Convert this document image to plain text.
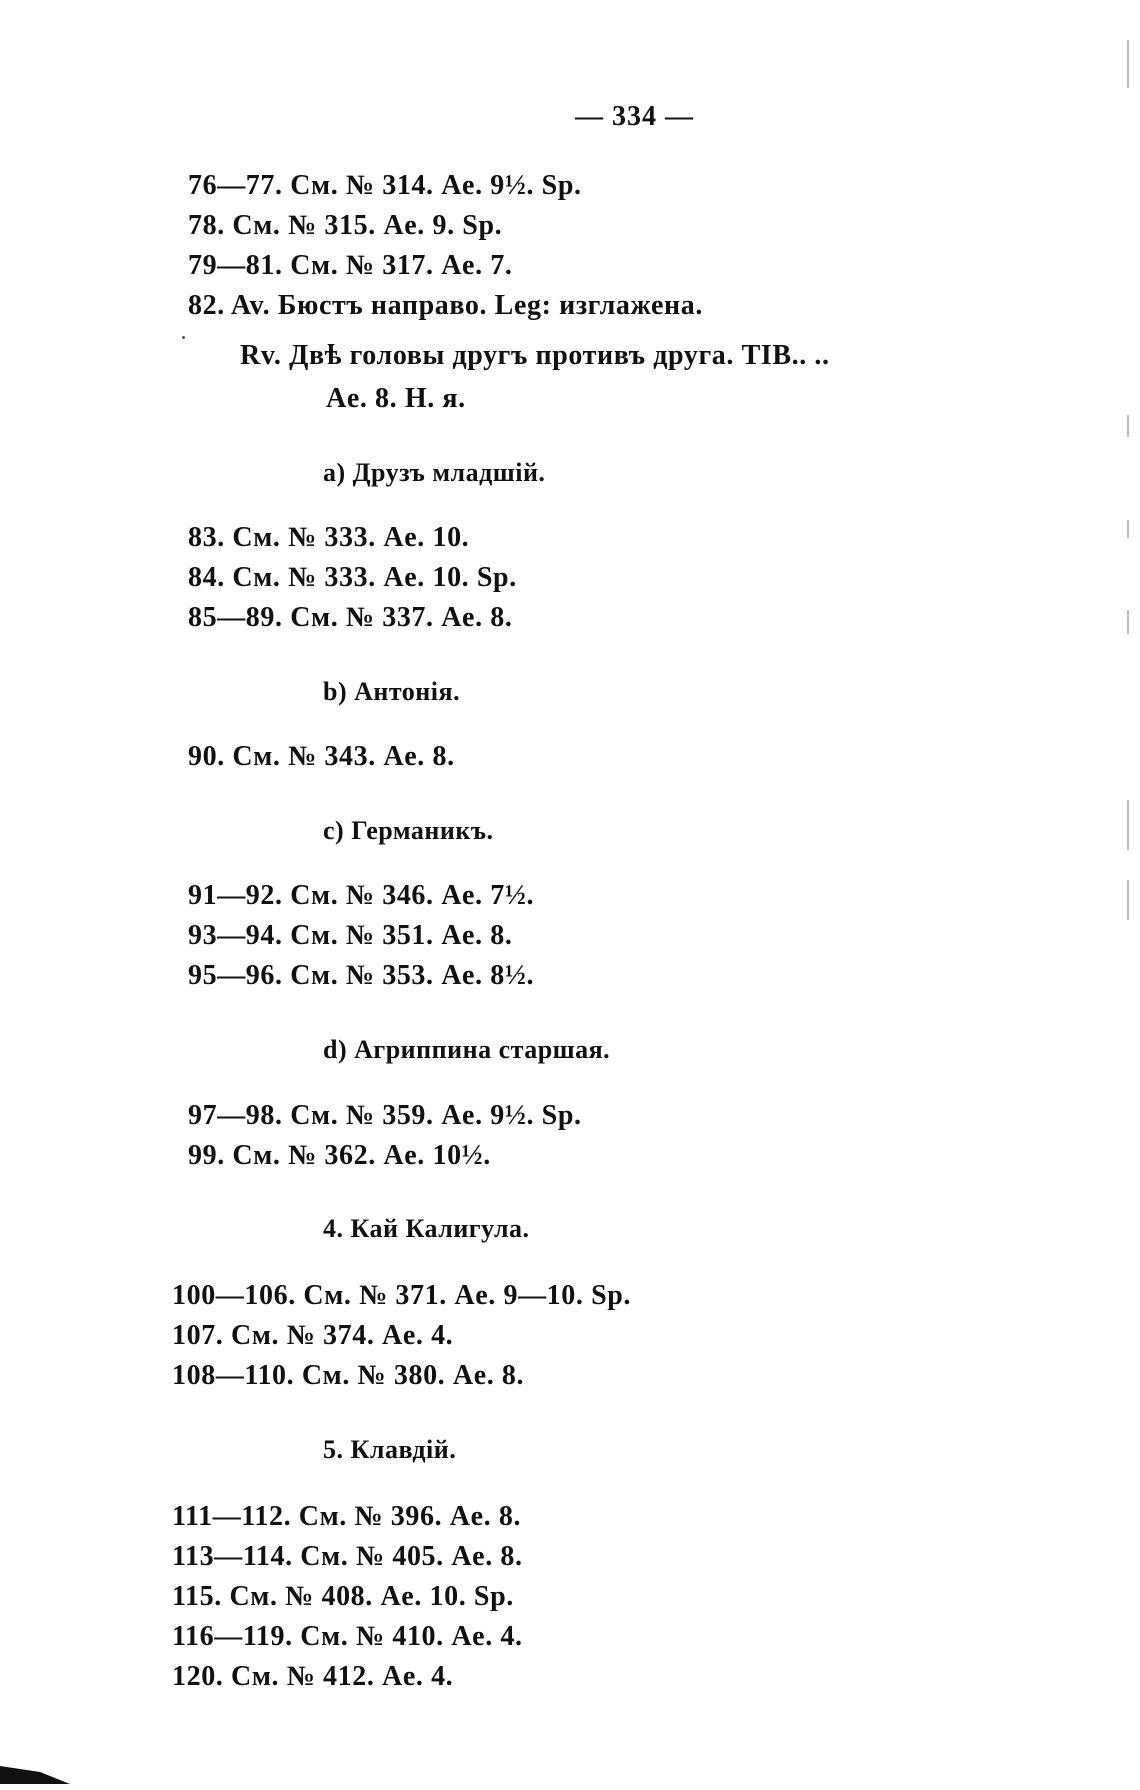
— 334 —
76—77. См. № 314. Ae. 9½. Sp.
78. См. № 315. Ae. 9. Sp.
79—81. См. № 317. Ae. 7.
82. Av. Бюстъ направо. Leg: изглажена.
Rv. Двѣ головы другъ противъ друга. TIB.. ..
Ae. 8. Н. я.
a) Друзъ младшій.
83. См. № 333. Ae. 10.
84. См. № 333. Ae. 10. Sp.
85—89. См. № 337. Ae. 8.
b) Антонія.
90. См. № 343. Ae. 8.
c) Германикъ.
91—92. См. № 346. Ae. 7½.
93—94. См. № 351. Ae. 8.
95—96. См. № 353. Ae. 8½.
d) Агриппина старшая.
97—98. См. № 359. Ae. 9½. Sp.
99. См. № 362. Ae. 10½.
4. Кай Калигула.
100—106. См. № 371. Ae. 9—10. Sp.
107. См. № 374. Ae. 4.
108—110. См. № 380. Ae. 8.
5. Клавдій.
111—112. См. № 396. Ae. 8.
113—114. См. № 405. Ae. 8.
115. См. № 408. Ae. 10. Sp.
116—119. См. № 410. Ae. 4.
120. См. № 412. Ae. 4.
